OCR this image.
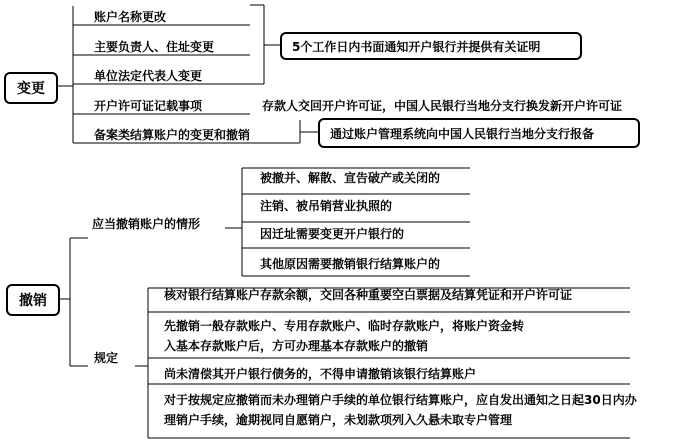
变更
账户名称更改
主要负责人、住址变更
单位法定代表人变更
开户许可证记载事项
备案类结算账户的变更和撤销
5个工作日内书面通知开户银行并提供有关证明
存款人交回开户许可证，中国人民银行当地分支行换发新开户许可证
通过账户管理系统向中国人民银行当地分支行报备
撤销
应当撤销账户的情形
被撤并、解散、宣告破产或关闭的
注销、被吊销营业执照的
因迁址需要变更开户银行的
其他原因需要撤销银行结算账户的
规定
核对银行结算账户存款余额，交回各种重要空白票据及结算凭证和开户许可证
先撤销一般存款账户、专用存款账户、临时存款账户，将账户资金转入基本存款账户后，方可办理基本存款账户的撤销
尚未清偿其开户银行债务的，不得申请撤销该银行结算账户
对于按规定应撤销而未办理销户手续的单位银行结算账户，应自发出通知之日起30日内办理销户手续，逾期视同自愿销户，未划款项列入久悬未取专户管理
